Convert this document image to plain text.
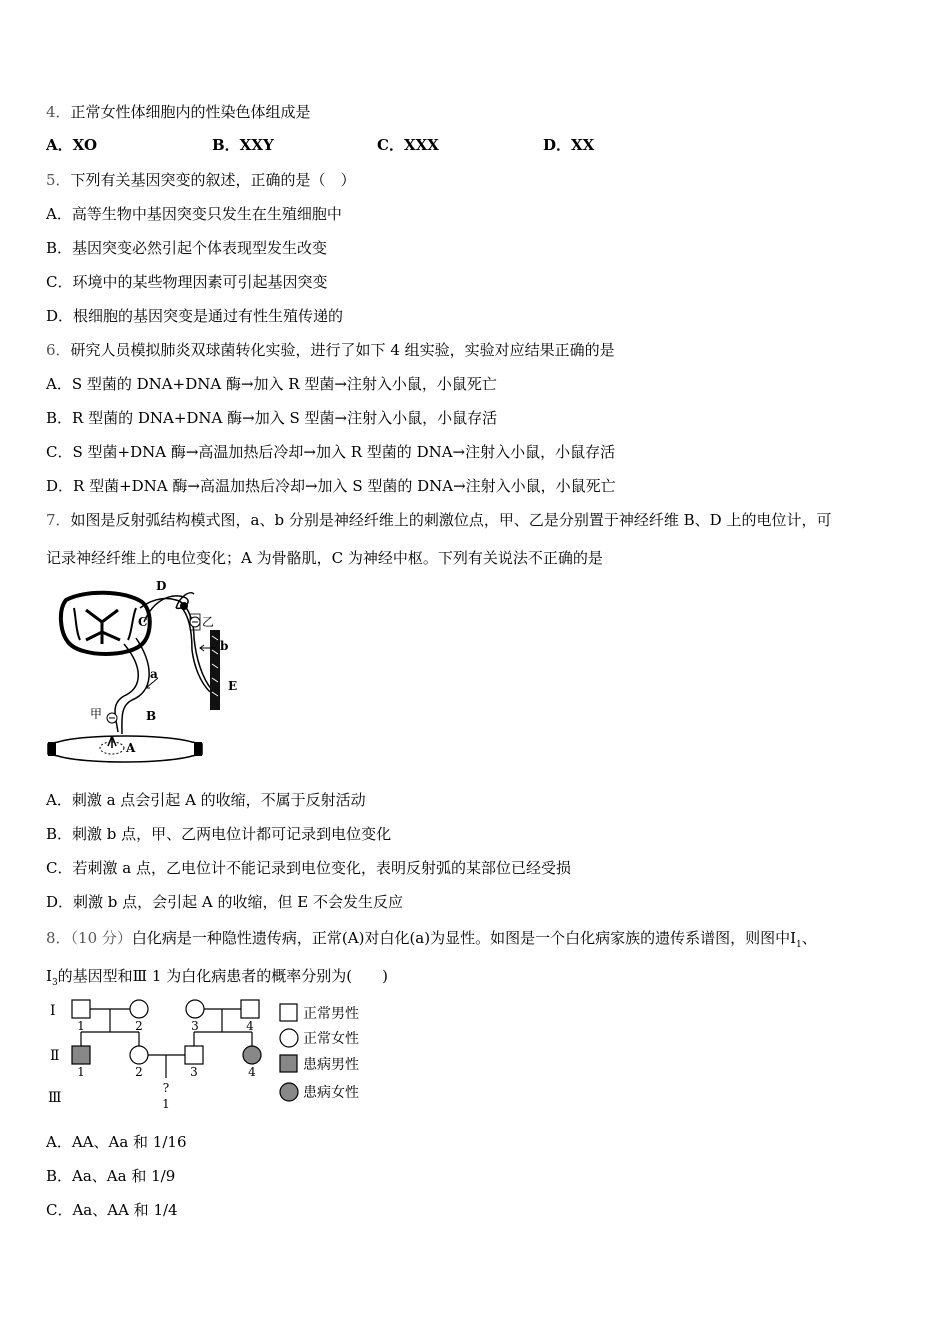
4．正常女性体细胞内的性染色体组成是
A．XO	B．XXY	C．XXX	D．XX
5．下列有关基因突变的叙述，正确的是（　）
A．高等生物中基因突变只发生在生殖细胞中
B．基因突变必然引起个体表现型发生改变
C．环境中的某些物理因素可引起基因突变
D．根细胞的基因突变是通过有性生殖传递的
6．研究人员模拟肺炎双球菌转化实验，进行了如下 4 组实验，实验对应结果正确的是
A．S 型菌的 DNA+DNA 酶→加入 R 型菌→注射入小鼠，小鼠死亡
B．R 型菌的 DNA+DNA 酶→加入 S 型菌→注射入小鼠，小鼠存活
C．S 型菌+DNA 酶→高温加热后冷却→加入 R 型菌的 DNA→注射入小鼠，小鼠存活
D．R 型菌+DNA 酶→高温加热后冷却→加入 S 型菌的 DNA→注射入小鼠，小鼠死亡
7．如图是反射弧结构模式图，a、b 分别是神经纤维上的刺激位点，甲、乙是分别置于神经纤维 B、D 上的电位计，可
记录神经纤维上的电位变化；A 为骨骼肌，C 为神经中枢。下列有关说法不正确的是
D
C	乙
b
E
a
甲	B
A
A．刺激 a 点会引起 A 的收缩，不属于反射活动
B．刺激 b 点，甲、乙两电位计都可记录到电位变化
C．若刺激 a 点，乙电位计不能记录到电位变化，表明反射弧的某部位已经受损
D．刺激 b 点，会引起 A 的收缩，但 E 不会发生反应
8．（10 分）白化病是一种隐性遗传病，正常(A)对白化(a)为显性。如图是一个白化病家族的遗传系谱图，则图中$Ⅰ_1$、
$Ⅰ_3$的基因型和Ⅲ 1 为白化病患者的概率分别为(　　)
Ⅰ
Ⅱ
Ⅲ
1	2	3	4
1	2	3	4
?
1
正常男性
正常女性
患病男性
患病女性
A．AA、Aa 和 1/16
B．Aa、Aa 和 1/9
C．Aa、AA 和 1/4
